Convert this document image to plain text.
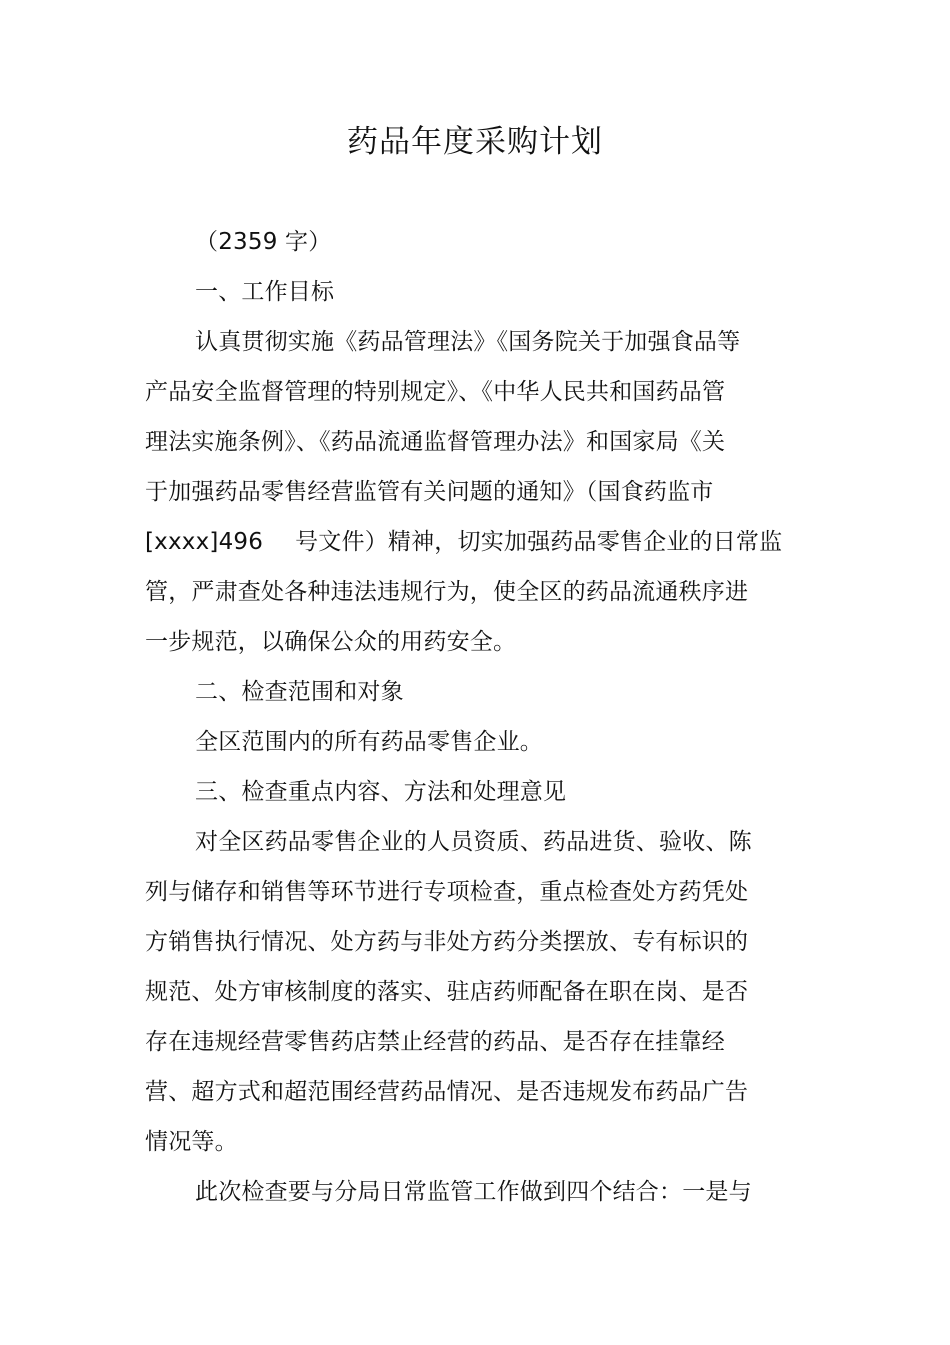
药品年度采购计划
（2359 字）
一、工作目标
认真贯彻实施《药品管理法》《国务院关于加强食品等
产品安全监督管理的特别规定》、《中华人民共和国药品管
理法实施条例》、《药品流通监督管理办法》和国家局《关
于加强药品零售经营监管有关问题的通知》（国食药监市
[xxxx]496 号文件）精神，切实加强药品零售企业的日常监
管，严肃查处各种违法违规行为，使全区的药品流通秩序进
一步规范，以确保公众的用药安全。
二、检查范围和对象
全区范围内的所有药品零售企业。
三、检查重点内容、方法和处理意见
对全区药品零售企业的人员资质、药品进货、验收、陈
列与储存和销售等环节进行专项检查，重点检查处方药凭处
方销售执行情况、处方药与非处方药分类摆放、专有标识的
规范、处方审核制度的落实、驻店药师配备在职在岗、是否
存在违规经营零售药店禁止经营的药品、是否存在挂靠经
营、超方式和超范围经营药品情况、是否违规发布药品广告
情况等。
此次检查要与分局日常监管工作做到四个结合：一是与
